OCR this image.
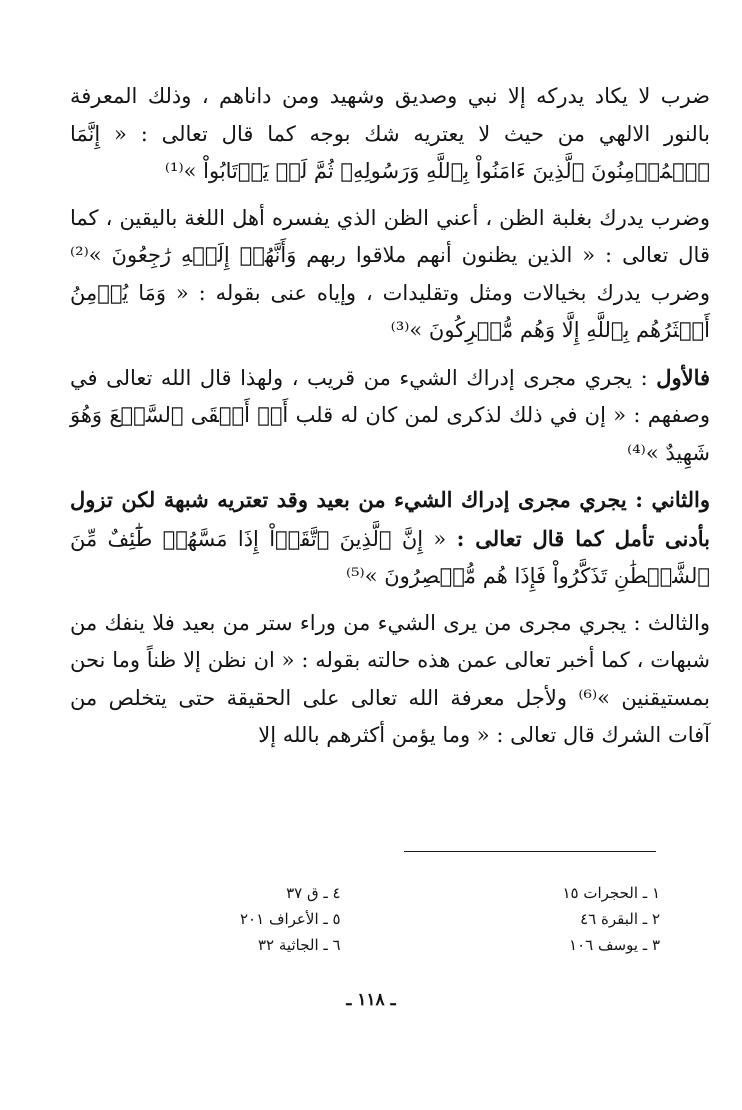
ضرب لا يكاد يدركه إلا نبي وصديق وشهيد ومن داناهم ، وذلك المعرفة بالنور الالهي من حيث لا يعتريه شك بوجه كما قال تعالى : « إِنَّمَا ٱلۡمُؤۡمِنُونَ ٱلَّذِينَ ءَامَنُواْ بِٱللَّهِ وَرَسُولِهِۦ ثُمَّ لَمۡ يَرۡتَابُواْ »⁽¹⁾

وضرب يدرك بغلبة الظن ، أعني الظن الذي يفسره أهل اللغة باليقين ، كما قال تعالى : « الذين يظنون أنهم ملاقوا ربهم وَأَنَّهُمۡ إِلَيۡهِ رَٰجِعُونَ »⁽²⁾ وضرب يدرك بخيالات ومثل وتقليدات ، وإياه عنى بقوله : « وَمَا يُؤۡمِنُ أَكۡثَرُهُم بِٱللَّهِ إِلَّا وَهُم مُّشۡرِكُونَ »⁽³⁾

فالأول : يجري مجرى إدراك الشيء من قريب ، ولهذا قال الله تعالى في وصفهم : « إن في ذلك لذكرى لمن كان له قلب أَوۡ أَلۡقَى ٱلسَّمۡعَ وَهُوَ شَهِيدٌ »⁽⁴⁾

والثاني : يجري مجرى إدراك الشيء من بعيد وقد تعتريه شبهة لكن تزول بأدنى تأمل كما قال تعالى : « إِنَّ ٱلَّذِينَ ٱتَّقَوۡاْ إِذَا مَسَّهُمۡ طَٰٓئِفٌ مِّنَ ٱلشَّيۡطَٰنِ تَذَكَّرُواْ فَإِذَا هُم مُّبۡصِرُونَ »⁽⁵⁾

والثالث : يجري مجرى من يرى الشيء من وراء ستر من بعيد فلا ينفك من شبهات ، كما أخبر تعالى عمن هذه حالته بقوله : « ان نظن إلا ظناً وما نحن بمستيقنين »⁽⁶⁾ ولأجل معرفة الله تعالى على الحقيقة حتى يتخلص من آفات الشرك قال تعالى : « وما يؤمن أكثرهم بالله إلا

١ ـ الحجرات ١٥
٢ ـ البقرة ٤٦
٣ ـ يوسف ١٠٦
٤ ـ ق ٣٧
٥ ـ الأعراف ٢٠١
٦ ـ الجاثية ٣٢
ـ ١١٨ ـ
